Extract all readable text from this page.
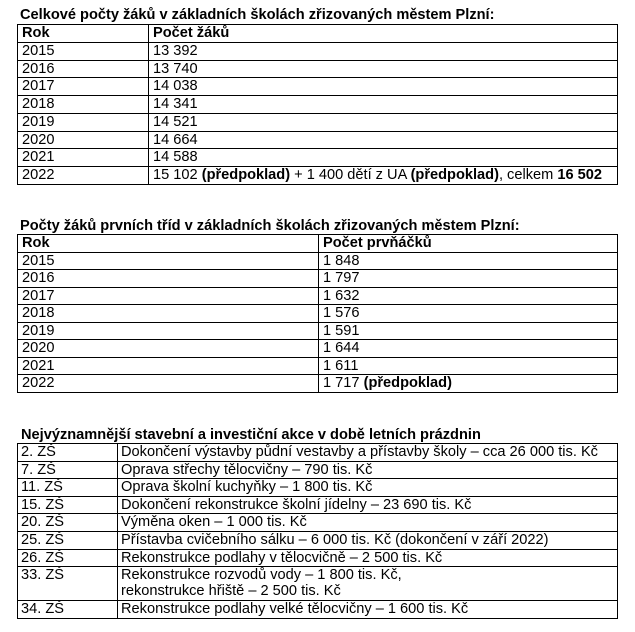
Celkové počty žáků v základních školách zřizovaných městem Plzní:
Rok	Počet žáků
2015	13 392
2016	13 740
2017	14 038
2018	14 341
2019	14 521
2020	14 664
2021	14 588
2022	15 102 (předpoklad) + 1 400 dětí z UA (předpoklad), celkem 16 502
Počty žáků prvních tříd v základních školách zřizovaných městem Plzní:
Rok	Počet prvňáčků
2015	1 848
2016	1 797
2017	1 632
2018	1 576
2019	1 591
2020	1 644
2021	1 611
2022	1 717 (předpoklad)
Nejvýznamnější stavební a investiční akce v době letních prázdnin
2. ZŠ	Dokončení výstavby půdní vestavby a přístavby školy – cca 26 000 tis. Kč
7. ZŠ	Oprava střechy tělocvičny – 790 tis. Kč
11. ZŠ	Oprava školní kuchyňky – 1 800 tis. Kč
15. ZŠ	Dokončení rekonstrukce školní jídelny – 23 690 tis. Kč
20. ZŠ	Výměna oken – 1 000 tis. Kč
25. ZŠ	Přístavba cvičebního sálku – 6 000 tis. Kč (dokončení v září 2022)
26. ZŠ	Rekonstrukce podlahy v tělocvičně – 2 500 tis. Kč
33. ZŠ	Rekonstrukce rozvodů vody – 1 800 tis. Kč,
rekonstrukce hřiště – 2 500 tis. Kč

34. ZŠ	Rekonstrukce podlahy velké tělocvičny – 1 600 tis. Kč
